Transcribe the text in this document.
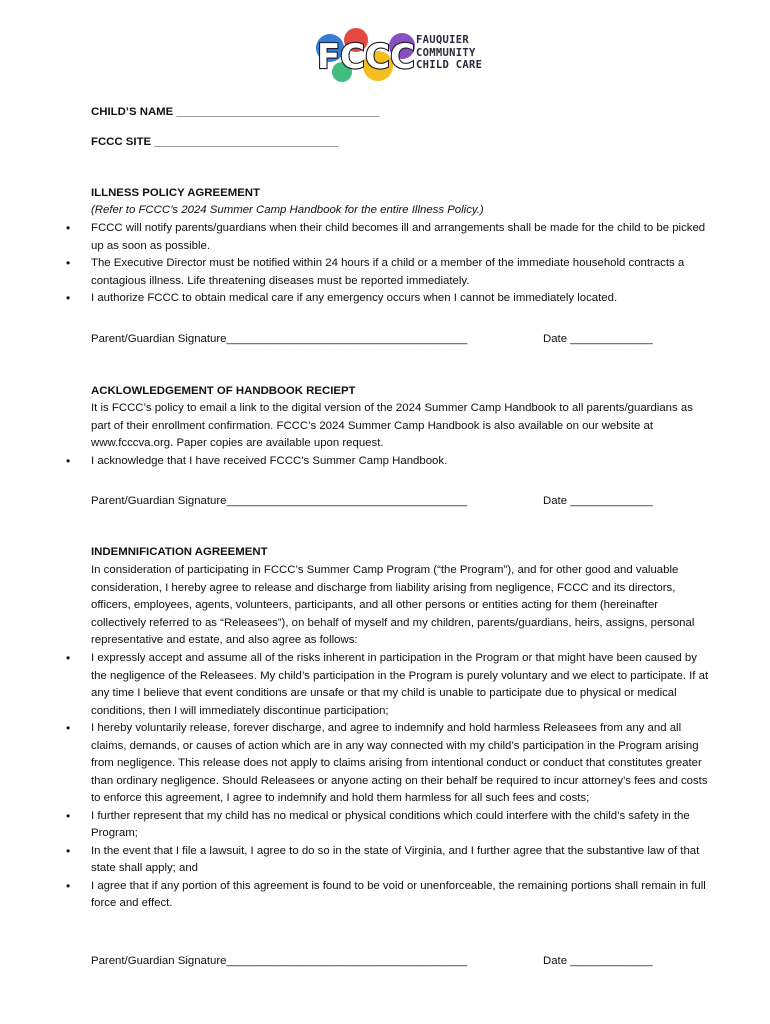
FCCC FAUQUIER
COMMUNITY
CHILD CARE
CHILD’S NAME ________________________________
FCCC SITE _____________________________
ILLNESS POLICY AGREEMENT
(Refer to FCCC’s 2024 Summer Camp Handbook for the entire Illness Policy.)
• FCCC will notify parents/guardians when their child becomes ill and arrangements shall be made for the child to be picked up as soon as possible.
• The Executive Director must be notified within 24 hours if a child or a member of the immediate household contracts a contagious illness. Life threatening diseases must be reported immediately.
• I authorize FCCC to obtain medical care if any emergency occurs when I cannot be immediately located.
Parent/Guardian Signature______________________________________	Date _____________
ACKLOWLEDGEMENT OF HANDBOOK RECIEPT
It is FCCC’s policy to email a link to the digital version of the 2024 Summer Camp Handbook to all parents/guardians as part of their enrollment confirmation. FCCC’s 2024 Summer Camp Handbook is also available on our website at www.fcccva.org. Paper copies are available upon request.
• I acknowledge that I have received FCCC’s Summer Camp Handbook.
Parent/Guardian Signature______________________________________	Date _____________
INDEMNIFICATION AGREEMENT
In consideration of participating in FCCC’s Summer Camp Program (“the Program”), and for other good and valuable consideration, I hereby agree to release and discharge from liability arising from negligence, FCCC and its directors, officers, employees, agents, volunteers, participants, and all other persons or entities acting for them (hereinafter collectively referred to as “Releasees”), on behalf of myself and my children, parents/guardians, heirs, assigns, personal representative and estate, and also agree as follows:
• I expressly accept and assume all of the risks inherent in participation in the Program or that might have been caused by the negligence of the Releasees. My child’s participation in the Program is purely voluntary and we elect to participate. If at any time I believe that event conditions are unsafe or that my child is unable to participate due to physical or medical conditions, then I will immediately discontinue participation;
• I hereby voluntarily release, forever discharge, and agree to indemnify and hold harmless Releasees from any and all claims, demands, or causes of action which are in any way connected with my child’s participation in the Program arising from negligence. This release does not apply to claims arising from intentional conduct or conduct that constitutes greater than ordinary negligence. Should Releasees or anyone acting on their behalf be required to incur attorney’s fees and costs to enforce this agreement, I agree to indemnify and hold them harmless for all such fees and costs;
• I further represent that my child has no medical or physical conditions which could interfere with the child’s safety in the Program;
• In the event that I file a lawsuit, I agree to do so in the state of Virginia, and I further agree that the substantive law of that state shall apply; and
• I agree that if any portion of this agreement is found to be void or unenforceable, the remaining portions shall remain in full force and effect.
Parent/Guardian Signature______________________________________	Date _____________
